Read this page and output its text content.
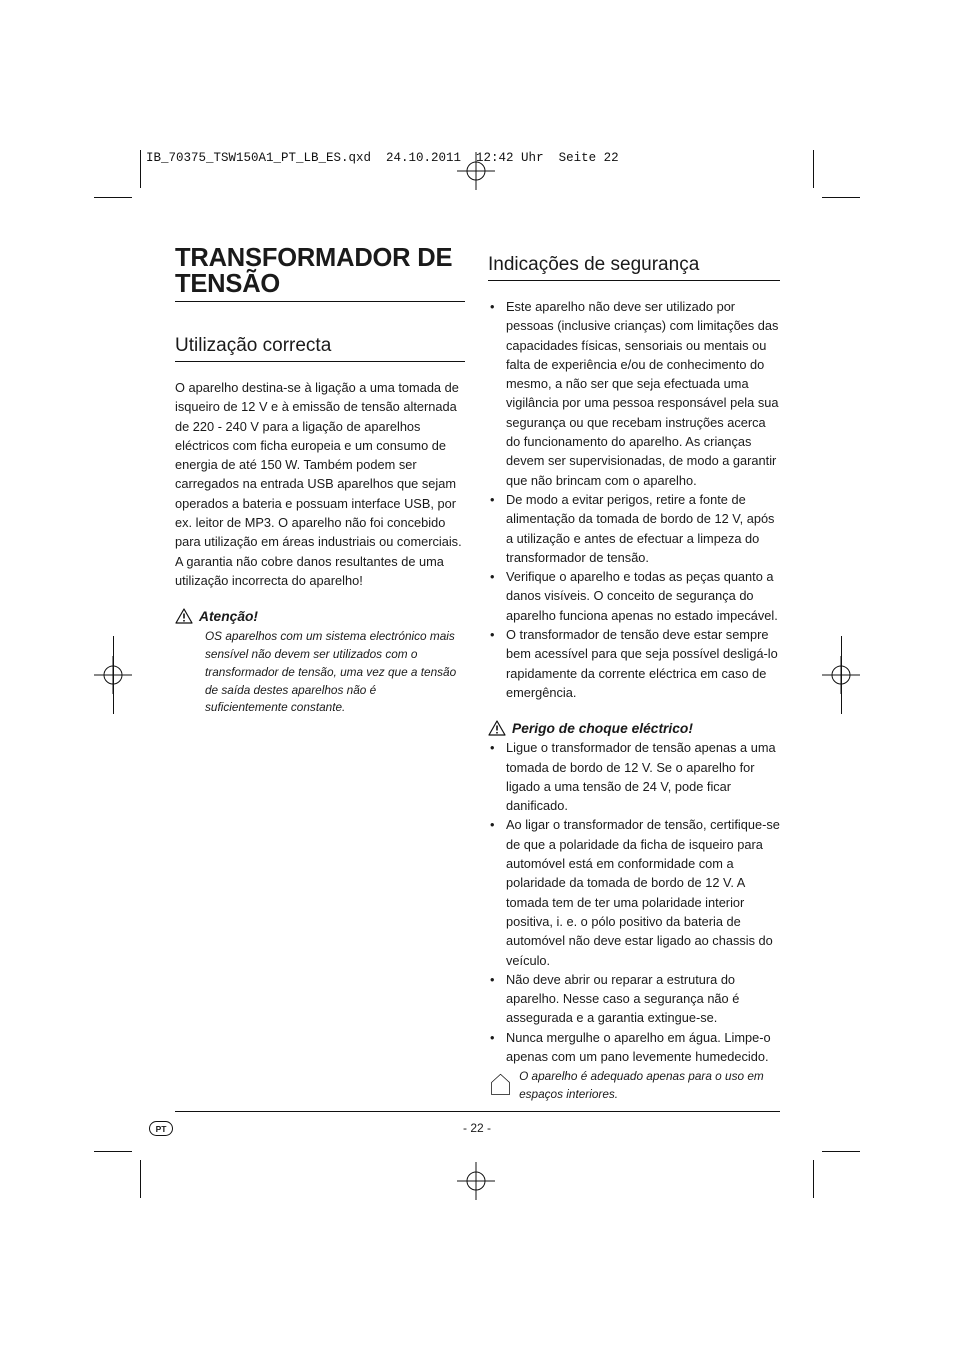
IB_70375_TSW150A1_PT_LB_ES.qxd  24.10.2011  12:42 Uhr  Seite 22
TRANSFORMADOR DE
TENSÃO
Utilização correcta

O aparelho destina-se à ligação a uma tomada de isqueiro de 12 V e à emissão de tensão alternada de 220 - 240 V para a ligação de aparelhos eléctricos com ficha europeia e um consumo de energia de até 150 W. Também podem ser carregados na entrada USB aparelhos que sejam operados a bateria e possuam interface USB, por ex. leitor de MP3. O aparelho não foi concebido para utilização em áreas industriais ou comerciais.

A garantia não cobre danos resultantes de uma utilização incorrecta do aparelho!

Atenção!

OS aparelhos com um sistema electrónico mais sensível não devem ser utilizados com o transformador de tensão, uma vez que a tensão de saída destes aparelhos não é suficientemente constante.

Indicações de segurança
• Este aparelho não deve ser utilizado por pessoas (inclusive crianças) com limitações das capacidades físicas, sensoriais ou mentais ou falta de experiência e/ou de conhecimento do mesmo, a não ser que seja efectuada uma vigilância por uma pessoa responsável pela sua segurança ou que recebam instruções acerca do funcionamento do aparelho. As crianças devem ser supervisionadas, de modo a garantir que não brincam com o aparelho.
• De modo a evitar perigos, retire a fonte de alimentação da tomada de bordo de 12 V, após a utilização e antes de efectuar a limpeza do transformador de tensão.
• Verifique o aparelho e todas as peças quanto a danos visíveis. O conceito de segurança do aparelho funciona apenas no estado impecável.
• O transformador de tensão deve estar sempre bem acessível para que seja possível desligá-lo rapidamente da corrente eléctrica em caso de emergência.
Perigo de choque eléctrico!
• Ligue o transformador de tensão apenas a uma tomada de bordo de 12 V. Se o aparelho for ligado a uma tensão de 24 V, pode ficar danificado.
• Ao ligar o transformador de tensão, certifique-se de que a polaridade da ficha de isqueiro para automóvel está em conformidade com a polaridade da tomada de bordo de 12 V. A tomada tem de ter uma polaridade interior positiva, i. e. o pólo positivo da bateria de automóvel não deve estar ligado ao chassis do veículo.
• Não deve abrir ou reparar a estrutura do aparelho. Nesse caso a segurança não é assegurada e a garantia extingue-se.
• Nunca mergulhe o aparelho em água. Limpe-o apenas com um pano levemente humedecido.

O aparelho é adequado apenas para o uso em espaços interiores.

PT	- 22 -
